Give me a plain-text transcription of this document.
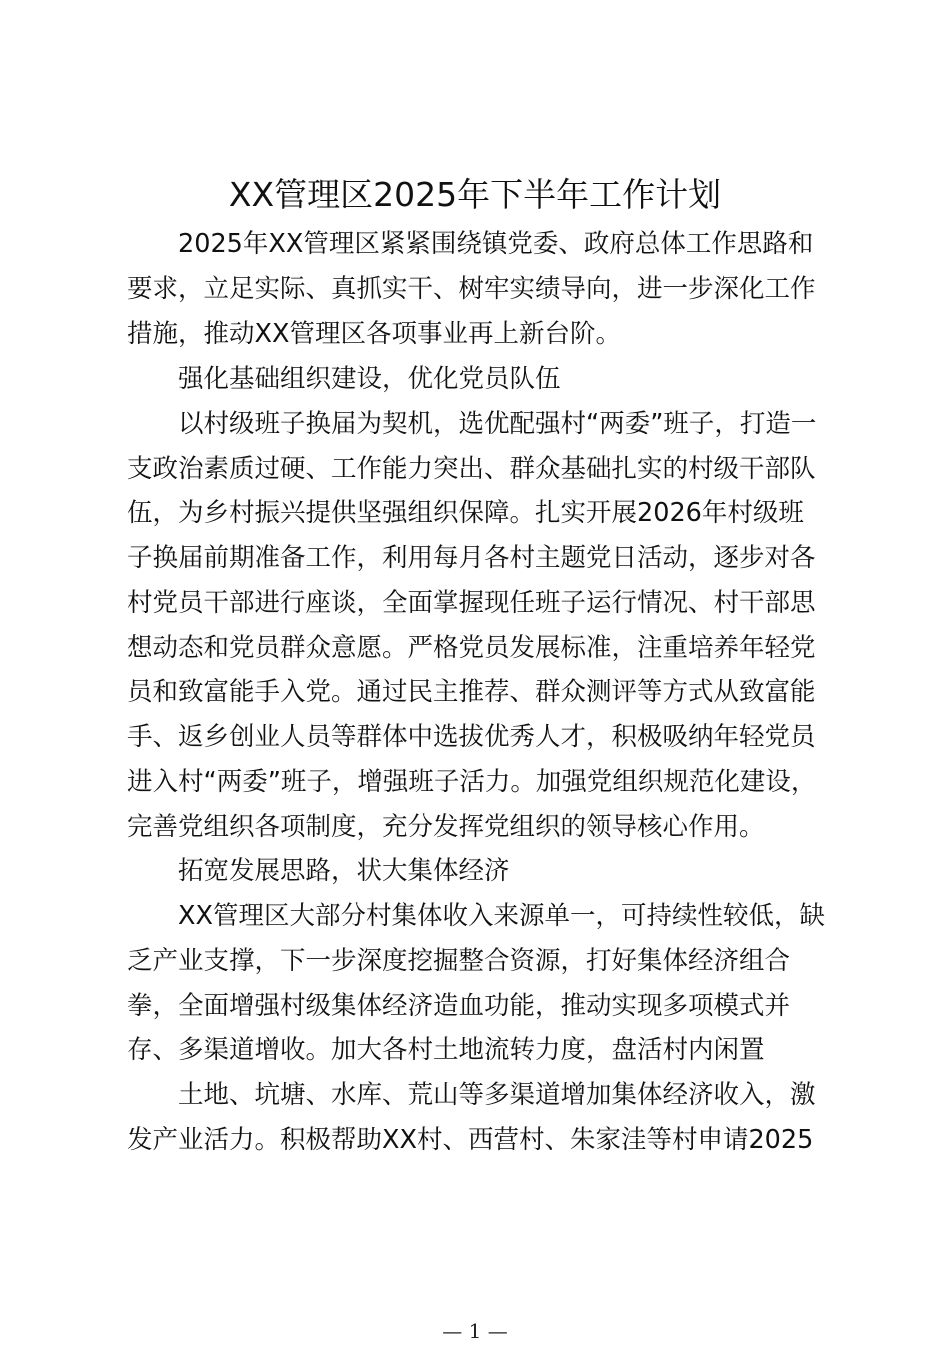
XX管理区2025年下半年工作计划
2025年XX管理区紧紧围绕镇党委、政府总体工作思路和
要求，立足实际、真抓实干、树牢实绩导向，进一步深化工作
措施，推动XX管理区各项事业再上新台阶。
强化基础组织建设，优化党员队伍
以村级班子换届为契机，选优配强村“两委”班子，打造一
支政治素质过硬、工作能力突出、群众基础扎实的村级干部队
伍，为乡村振兴提供坚强组织保障。扎实开展2026年村级班
子换届前期准备工作，利用每月各村主题党日活动，逐步对各
村党员干部进行座谈，全面掌握现任班子运行情况、村干部思
想动态和党员群众意愿。严格党员发展标准，注重培养年轻党
员和致富能手入党。通过民主推荐、群众测评等方式从致富能
手、返乡创业人员等群体中选拔优秀人才，积极吸纳年轻党员
进入村“两委”班子，增强班子活力。加强党组织规范化建设，
完善党组织各项制度，充分发挥党组织的领导核心作用。
拓宽发展思路，状大集体经济
XX管理区大部分村集体收入来源单一，可持续性较低，缺
乏产业支撑，下一步深度挖掘整合资源，打好集体经济组合
拳，全面增强村级集体经济造血功能，推动实现多项模式并
存、多渠道增收。加大各村土地流转力度，盘活村内闲置
土地、坑塘、水库、荒山等多渠道增加集体经济收入，激
发产业活力。积极帮助XX村、西营村、朱家洼等村申请2025
— 1 —
